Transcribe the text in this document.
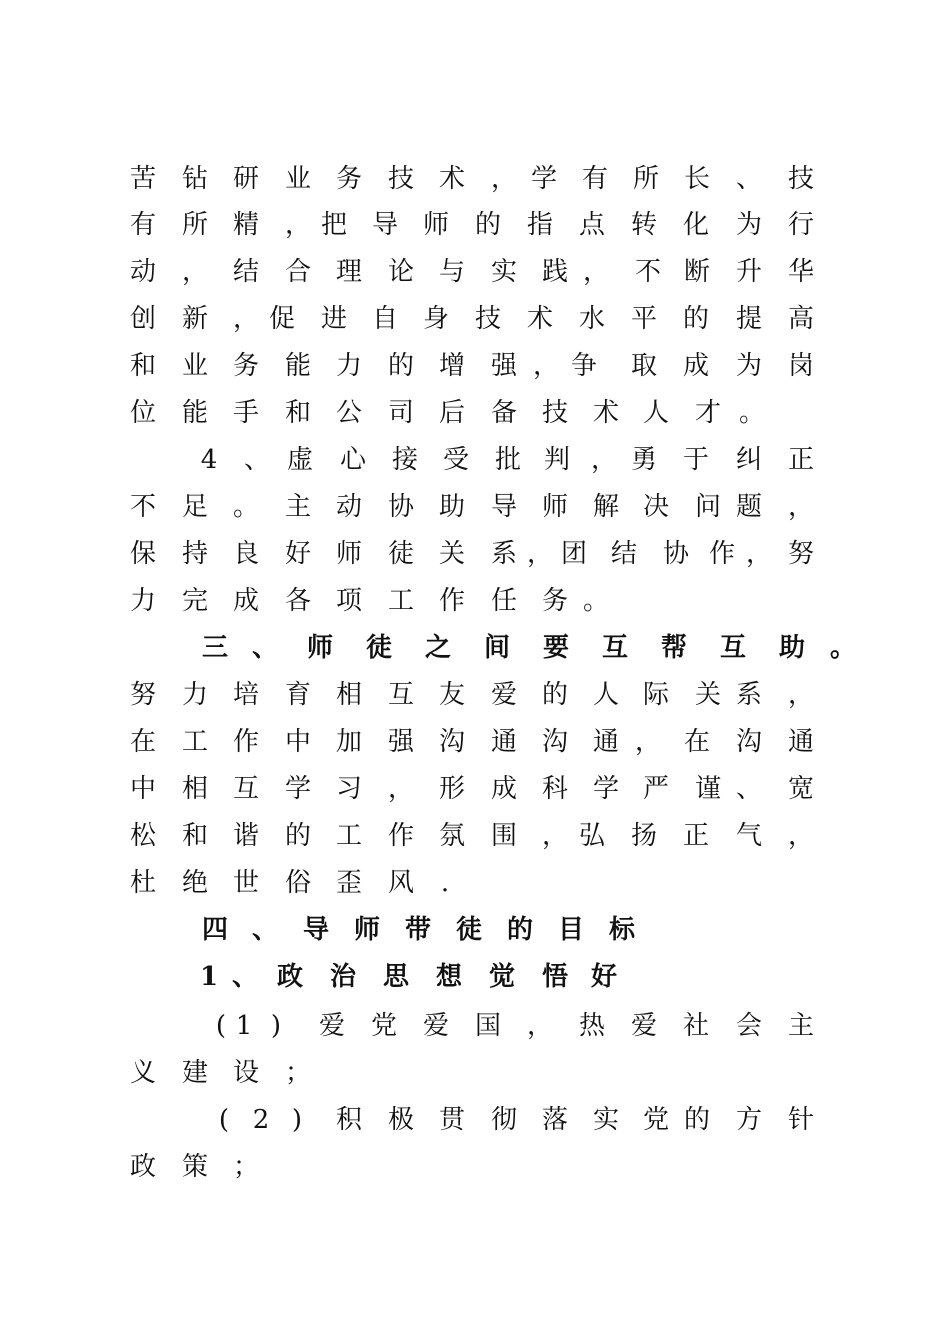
苦 钻 研 业 务 技 术 ， 学 有 所 长 、 技
有 所 精 ， 把 导 师 的 指 点 转 化 为 行
动 ， 结 合 理 论 与 实 践 ， 不 断 升 华
创 新 ， 促 进 自 身 技 术 水 平 的 提 高
和 业 务 能 力 的 增 强 ， 争 取 成 为 岗
位 能 手 和 公 司 后 备 技 术 人 才 。
4 、 虚 心 接 受 批 判 ， 勇 于 纠 正
不 足 。 主 动 协 助 导 师 解 决 问 题 ，
保 持 良 好 师 徒 关 系 ， 团 结 协 作 ， 努
力 完 成 各 项 工 作 任 务 。
三 、 师 徒 之 间 要 互 帮 互 助 。
努 力 培 育 相 互 友 爱 的 人 际 关 系 ，
在 工 作 中 加 强 沟 通 沟 通 ， 在 沟 通
中 相 互 学 习 ， 形 成 科 学 严 谨 、 宽
松 和 谐 的 工 作 氛 围 ， 弘 扬 正 气 ，
杜 绝 世 俗 歪 风	.
四 、 导 师 带 徒 的 目 标
1 、 政 治 思 想 觉 悟 好
( 1 )	爱 党 爱 国 ， 热 爱 社 会 主
义 建 设 ；
( 2 )	积 极 贯 彻 落 实 党 的 方 针
政 策 ；
